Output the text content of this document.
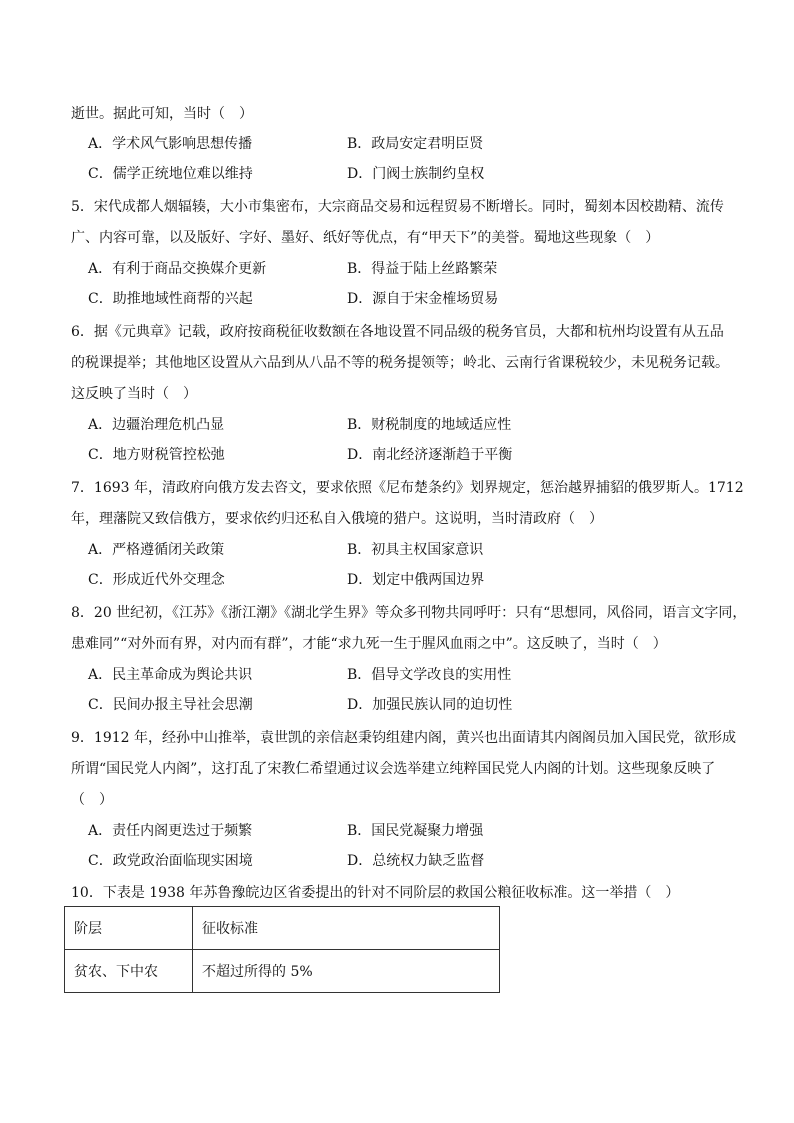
逝世。据此可知，当时（　）
A．学术风气影响思想传播	B．政局安定君明臣贤
C．儒学正统地位难以维持	D．门阀士族制约皇权
5．宋代成都人烟辐辏，大小市集密布，大宗商品交易和远程贸易不断增长。同时，蜀刻本因校勘精、流传
广、内容可靠，以及版好、字好、墨好、纸好等优点，有“甲天下”的美誉。蜀地这些现象（　）
A．有利于商品交换媒介更新	B．得益于陆上丝路繁荣
C．助推地域性商帮的兴起	D．源自于宋金榷场贸易
6．据《元典章》记载，政府按商税征收数额在各地设置不同品级的税务官员，大都和杭州均设置有从五品
的税课提举；其他地区设置从六品到从八品不等的税务提领等；岭北、云南行省课税较少，未见税务记载。
这反映了当时（　）
A．边疆治理危机凸显	B．财税制度的地域适应性
C．地方财税管控松弛	D．南北经济逐渐趋于平衡
7．1693 年，清政府向俄方发去咨文，要求依照《尼布楚条约》划界规定，惩治越界捕貂的俄罗斯人。1712
年，理藩院又致信俄方，要求依约归还私自入俄境的猎户。这说明，当时清政府（　）
A．严格遵循闭关政策	B．初具主权国家意识
C．形成近代外交理念	D．划定中俄两国边界
8．20 世纪初，《江苏》《浙江潮》《湖北学生界》等众多刊物共同呼吁：只有“思想同，风俗同，语言文字同，
患难同”“对外而有界，对内而有群”，才能“求九死一生于腥风血雨之中”。这反映了，当时（　）
A．民主革命成为舆论共识	B．倡导文学改良的实用性
C．民间办报主导社会思潮	D．加强民族认同的迫切性
9．1912 年，经孙中山推举，袁世凯的亲信赵秉钧组建内阁，黄兴也出面请其内阁阁员加入国民党，欲形成
所谓“国民党人内阁”，这打乱了宋教仁希望通过议会选举建立纯粹国民党人内阁的计划。这些现象反映了
（　）
A．责任内阁更迭过于频繁	B．国民党凝聚力增强
C．政党政治面临现实困境	D．总统权力缺乏监督
10．下表是 1938 年苏鲁豫皖边区省委提出的针对不同阶层的救国公粮征收标准。这一举措（　）
阶层	征收标准
贫农、下中农	不超过所得的 5%
